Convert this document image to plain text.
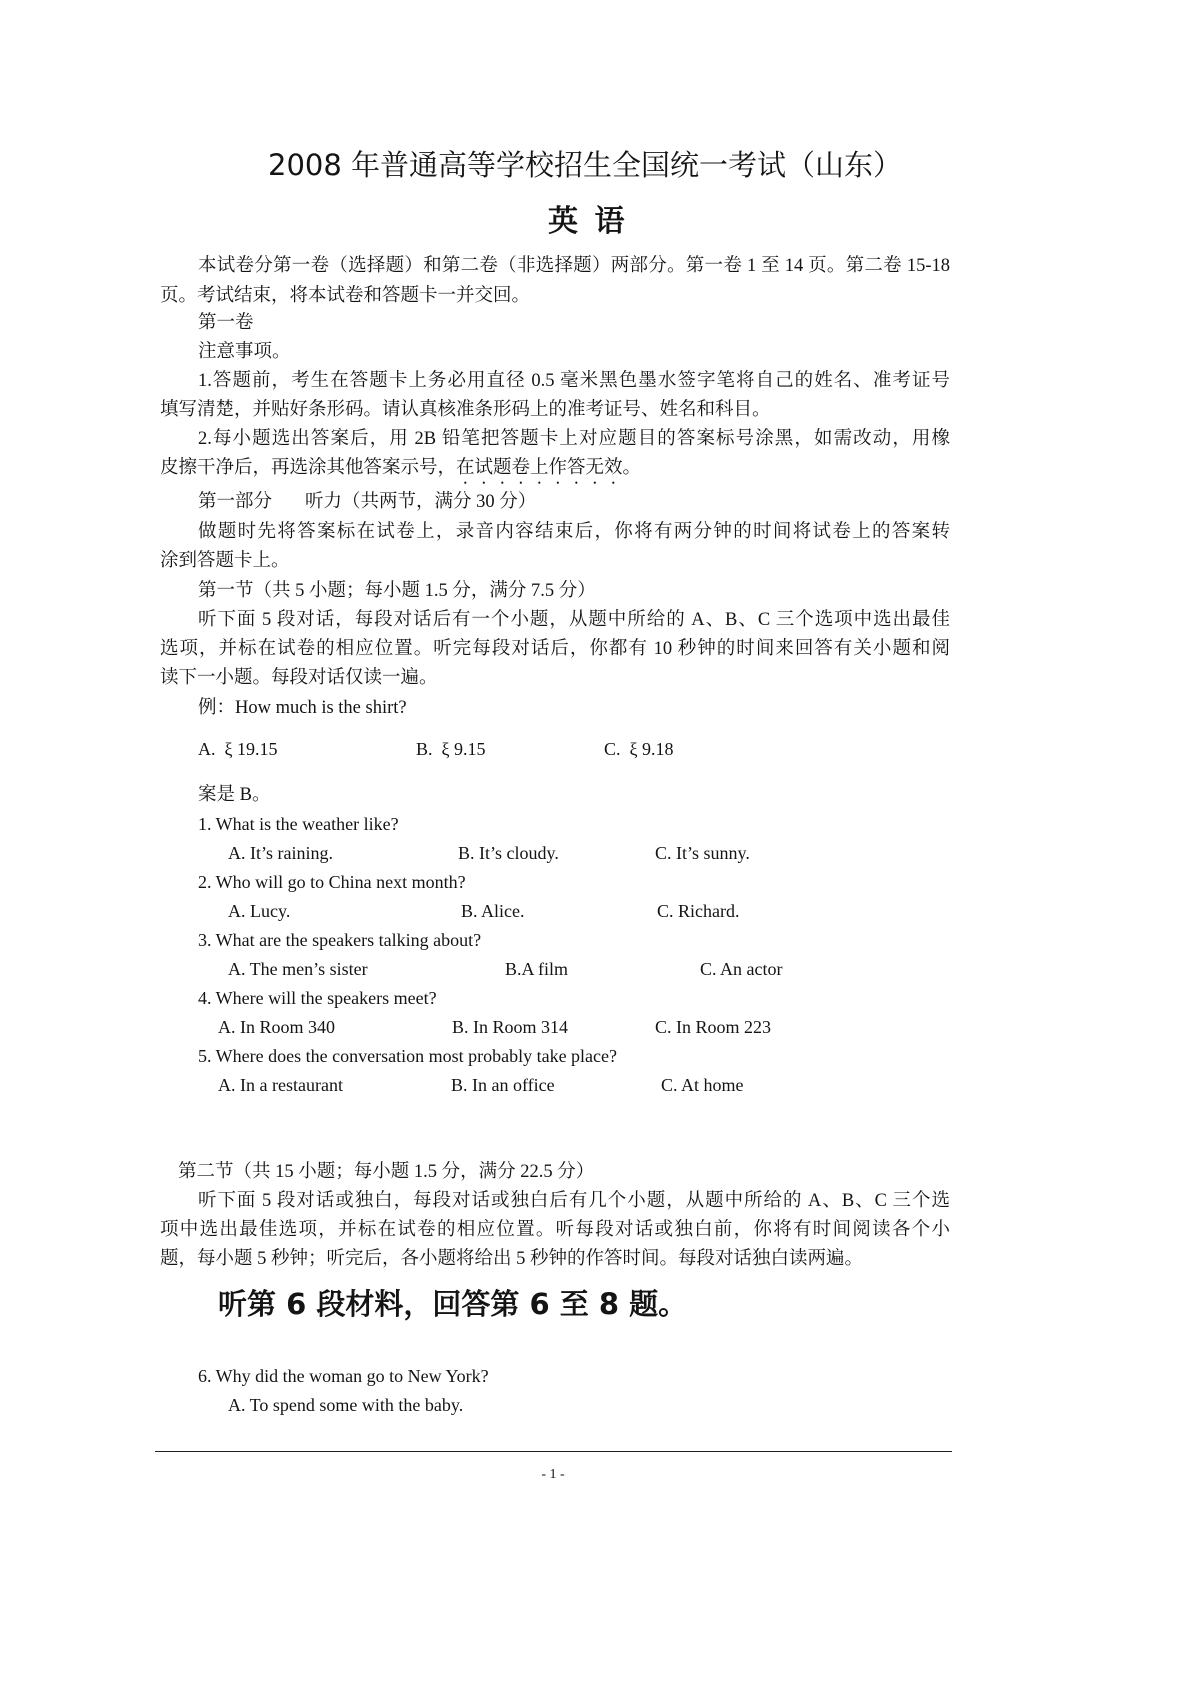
2008 年普通高等学校招生全国统一考试（山东）
英 语
本试卷分第一卷（选择题）和第二卷（非选择题）两部分。第一卷 1 至 14 页。第二卷 15-18
页。考试结束，将本试卷和答题卡一并交回。
第一卷
注意事项。
1.答题前，考生在答题卡上务必用直径 0.5 毫米黑色墨水签字笔将自己的姓名、准考证号
填写清楚，并贴好条形码。请认真核准条形码上的准考证号、姓名和科目。
2.每小题选出答案后，用 2B 铅笔把答题卡上对应题目的答案标号涂黑，如需改动，用橡
皮擦干净后，再选涂其他答案示号，在试题卷上作答无效。
第一部分 听力（共两节，满分 30 分）
做题时先将答案标在试卷上，录音内容结束后，你将有两分钟的时间将试卷上的答案转
涂到答题卡上。
第一节（共 5 小题；每小题 1.5 分，满分 7.5 分）
听下面 5 段对话，每段对话后有一个小题，从题中所给的 A、B、C 三个选项中选出最佳
选项，并标在试卷的相应位置。听完每段对话后，你都有 10 秒钟的时间来回答有关小题和阅
读下一小题。每段对话仅读一遍。
例：How much is the shirt?
A.  ξ 19.15	B.  ξ 9.15	C.  ξ 9.18
案是 B。
1. What is the weather like?
A. It’s raining.	B. It’s cloudy.	C. It’s sunny.
2. Who will go to China next month?
A. Lucy.	B. Alice.	C. Richard.
3. What are the speakers talking about?
A. The men’s sister	B.A film	C. An actor
4. Where will the speakers meet?
A. In Room 340	B. In Room 314	C. In Room 223
5. Where does the conversation most probably take place?
A. In a restaurant	B. In an office	C. At home
第二节（共 15 小题；每小题 1.5 分，满分 22.5 分）
听下面 5 段对话或独白，每段对话或独白后有几个小题，从题中所给的 A、B、C 三个选
项中选出最佳选项，并标在试卷的相应位置。听每段对话或独白前，你将有时间阅读各个小
题，每小题 5 秒钟；听完后，各小题将给出 5 秒钟的作答时间。每段对话独白读两遍。
听第 6 段材料，回答第 6 至 8 题。
6. Why did the woman go to New York?
A. To spend some with the baby.
- 1 -
